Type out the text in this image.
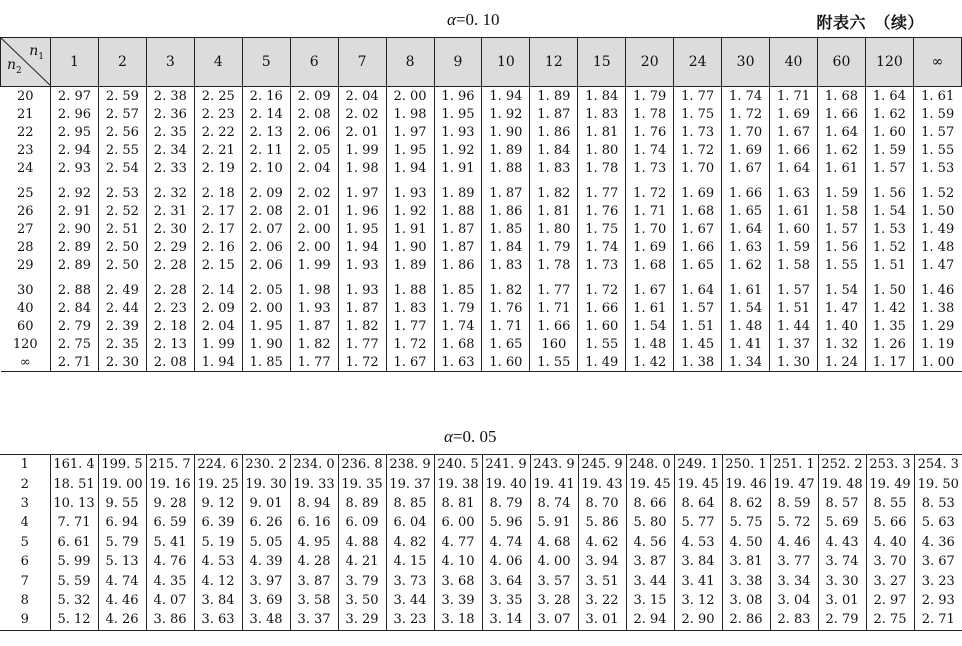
α=0. 10	附表六　（续）
$n_1$
$n_2$	1	2	3	4	5	6	7	8	9	10	12	15	20	24	30	40	60	120	∞
20	2. 97	2. 59	2. 38	2. 25	2. 16	2. 09	2. 04	2. 00	1. 96	1. 94	1. 89	1. 84	1. 79	1. 77	1. 74	1. 71	1. 68	1. 64	1. 61
21	2. 96	2. 57	2. 36	2. 23	2. 14	2. 08	2. 02	1. 98	1. 95	1. 92	1. 87	1. 83	1. 78	1. 75	1. 72	1. 69	1. 66	1. 62	1. 59
22	2. 95	2. 56	2. 35	2. 22	2. 13	2. 06	2. 01	1. 97	1. 93	1. 90	1. 86	1. 81	1. 76	1. 73	1. 70	1. 67	1. 64	1. 60	1. 57
23	2. 94	2. 55	2. 34	2. 21	2. 11	2. 05	1. 99	1. 95	1. 92	1. 89	1. 84	1. 80	1. 74	1. 72	1. 69	1. 66	1. 62	1. 59	1. 55
24	2. 93	2. 54	2. 33	2. 19	2. 10	2. 04	1. 98	1. 94	1. 91	1. 88	1. 83	1. 78	1. 73	1. 70	1. 67	1. 64	1. 61	1. 57	1. 53
25	2. 92	2. 53	2. 32	2. 18	2. 09	2. 02	1. 97	1. 93	1. 89	1. 87	1. 82	1. 77	1. 72	1. 69	1. 66	1. 63	1. 59	1. 56	1. 52
26	2. 91	2. 52	2. 31	2. 17	2. 08	2. 01	1. 96	1. 92	1. 88	1. 86	1. 81	1. 76	1. 71	1. 68	1. 65	1. 61	1. 58	1. 54	1. 50
27	2. 90	2. 51	2. 30	2. 17	2. 07	2. 00	1. 95	1. 91	1. 87	1. 85	1. 80	1. 75	1. 70	1. 67	1. 64	1. 60	1. 57	1. 53	1. 49
28	2. 89	2. 50	2. 29	2. 16	2. 06	2. 00	1. 94	1. 90	1. 87	1. 84	1. 79	1. 74	1. 69	1. 66	1. 63	1. 59	1. 56	1. 52	1. 48
29	2. 89	2. 50	2. 28	2. 15	2. 06	1. 99	1. 93	1. 89	1. 86	1. 83	1. 78	1. 73	1. 68	1. 65	1. 62	1. 58	1. 55	1. 51	1. 47
30	2. 88	2. 49	2. 28	2. 14	2. 05	1. 98	1. 93	1. 88	1. 85	1. 82	1. 77	1. 72	1. 67	1. 64	1. 61	1. 57	1. 54	1. 50	1. 46
40	2. 84	2. 44	2. 23	2. 09	2. 00	1. 93	1. 87	1. 83	1. 79	1. 76	1. 71	1. 66	1. 61	1. 57	1. 54	1. 51	1. 47	1. 42	1. 38
60	2. 79	2. 39	2. 18	2. 04	1. 95	1. 87	1. 82	1. 77	1. 74	1. 71	1. 66	1. 60	1. 54	1. 51	1. 48	1. 44	1. 40	1. 35	1. 29
120	2. 75	2. 35	2. 13	1. 99	1. 90	1. 82	1. 77	1. 72	1. 68	1. 65	160	1. 55	1. 48	1. 45	1. 41	1. 37	1. 32	1. 26	1. 19
∞	2. 71	2. 30	2. 08	1. 94	1. 85	1. 77	1. 72	1. 67	1. 63	1. 60	1. 55	1. 49	1. 42	1. 38	1. 34	1. 30	1. 24	1. 17	1. 00
α=0. 05
1	161. 4	199. 5	215. 7	224. 6	230. 2	234. 0	236. 8	238. 9	240. 5	241. 9	243. 9	245. 9	248. 0	249. 1	250. 1	251. 1	252. 2	253. 3	254. 3
2	18. 51	19. 00	19. 16	19. 25	19. 30	19. 33	19. 35	19. 37	19. 38	19. 40	19. 41	19. 43	19. 45	19. 45	19. 46	19. 47	19. 48	19. 49	19. 50
3	10. 13	9. 55	9. 28	9. 12	9. 01	8. 94	8. 89	8. 85	8. 81	8. 79	8. 74	8. 70	8. 66	8. 64	8. 62	8. 59	8. 57	8. 55	8. 53
4	7. 71	6. 94	6. 59	6. 39	6. 26	6. 16	6. 09	6. 04	6. 00	5. 96	5. 91	5. 86	5. 80	5. 77	5. 75	5. 72	5. 69	5. 66	5. 63
5	6. 61	5. 79	5. 41	5. 19	5. 05	4. 95	4. 88	4. 82	4. 77	4. 74	4. 68	4. 62	4. 56	4. 53	4. 50	4. 46	4. 43	4. 40	4. 36
6	5. 99	5. 13	4. 76	4. 53	4. 39	4. 28	4. 21	4. 15	4. 10	4. 06	4. 00	3. 94	3. 87	3. 84	3. 81	3. 77	3. 74	3. 70	3. 67
7	5. 59	4. 74	4. 35	4. 12	3. 97	3. 87	3. 79	3. 73	3. 68	3. 64	3. 57	3. 51	3. 44	3. 41	3. 38	3. 34	3. 30	3. 27	3. 23
8	5. 32	4. 46	4. 07	3. 84	3. 69	3. 58	3. 50	3. 44	3. 39	3. 35	3. 28	3. 22	3. 15	3. 12	3. 08	3. 04	3. 01	2. 97	2. 93
9	5. 12	4. 26	3. 86	3. 63	3. 48	3. 37	3. 29	3. 23	3. 18	3. 14	3. 07	3. 01	2. 94	2. 90	2. 86	2. 83	2. 79	2. 75	2. 71
